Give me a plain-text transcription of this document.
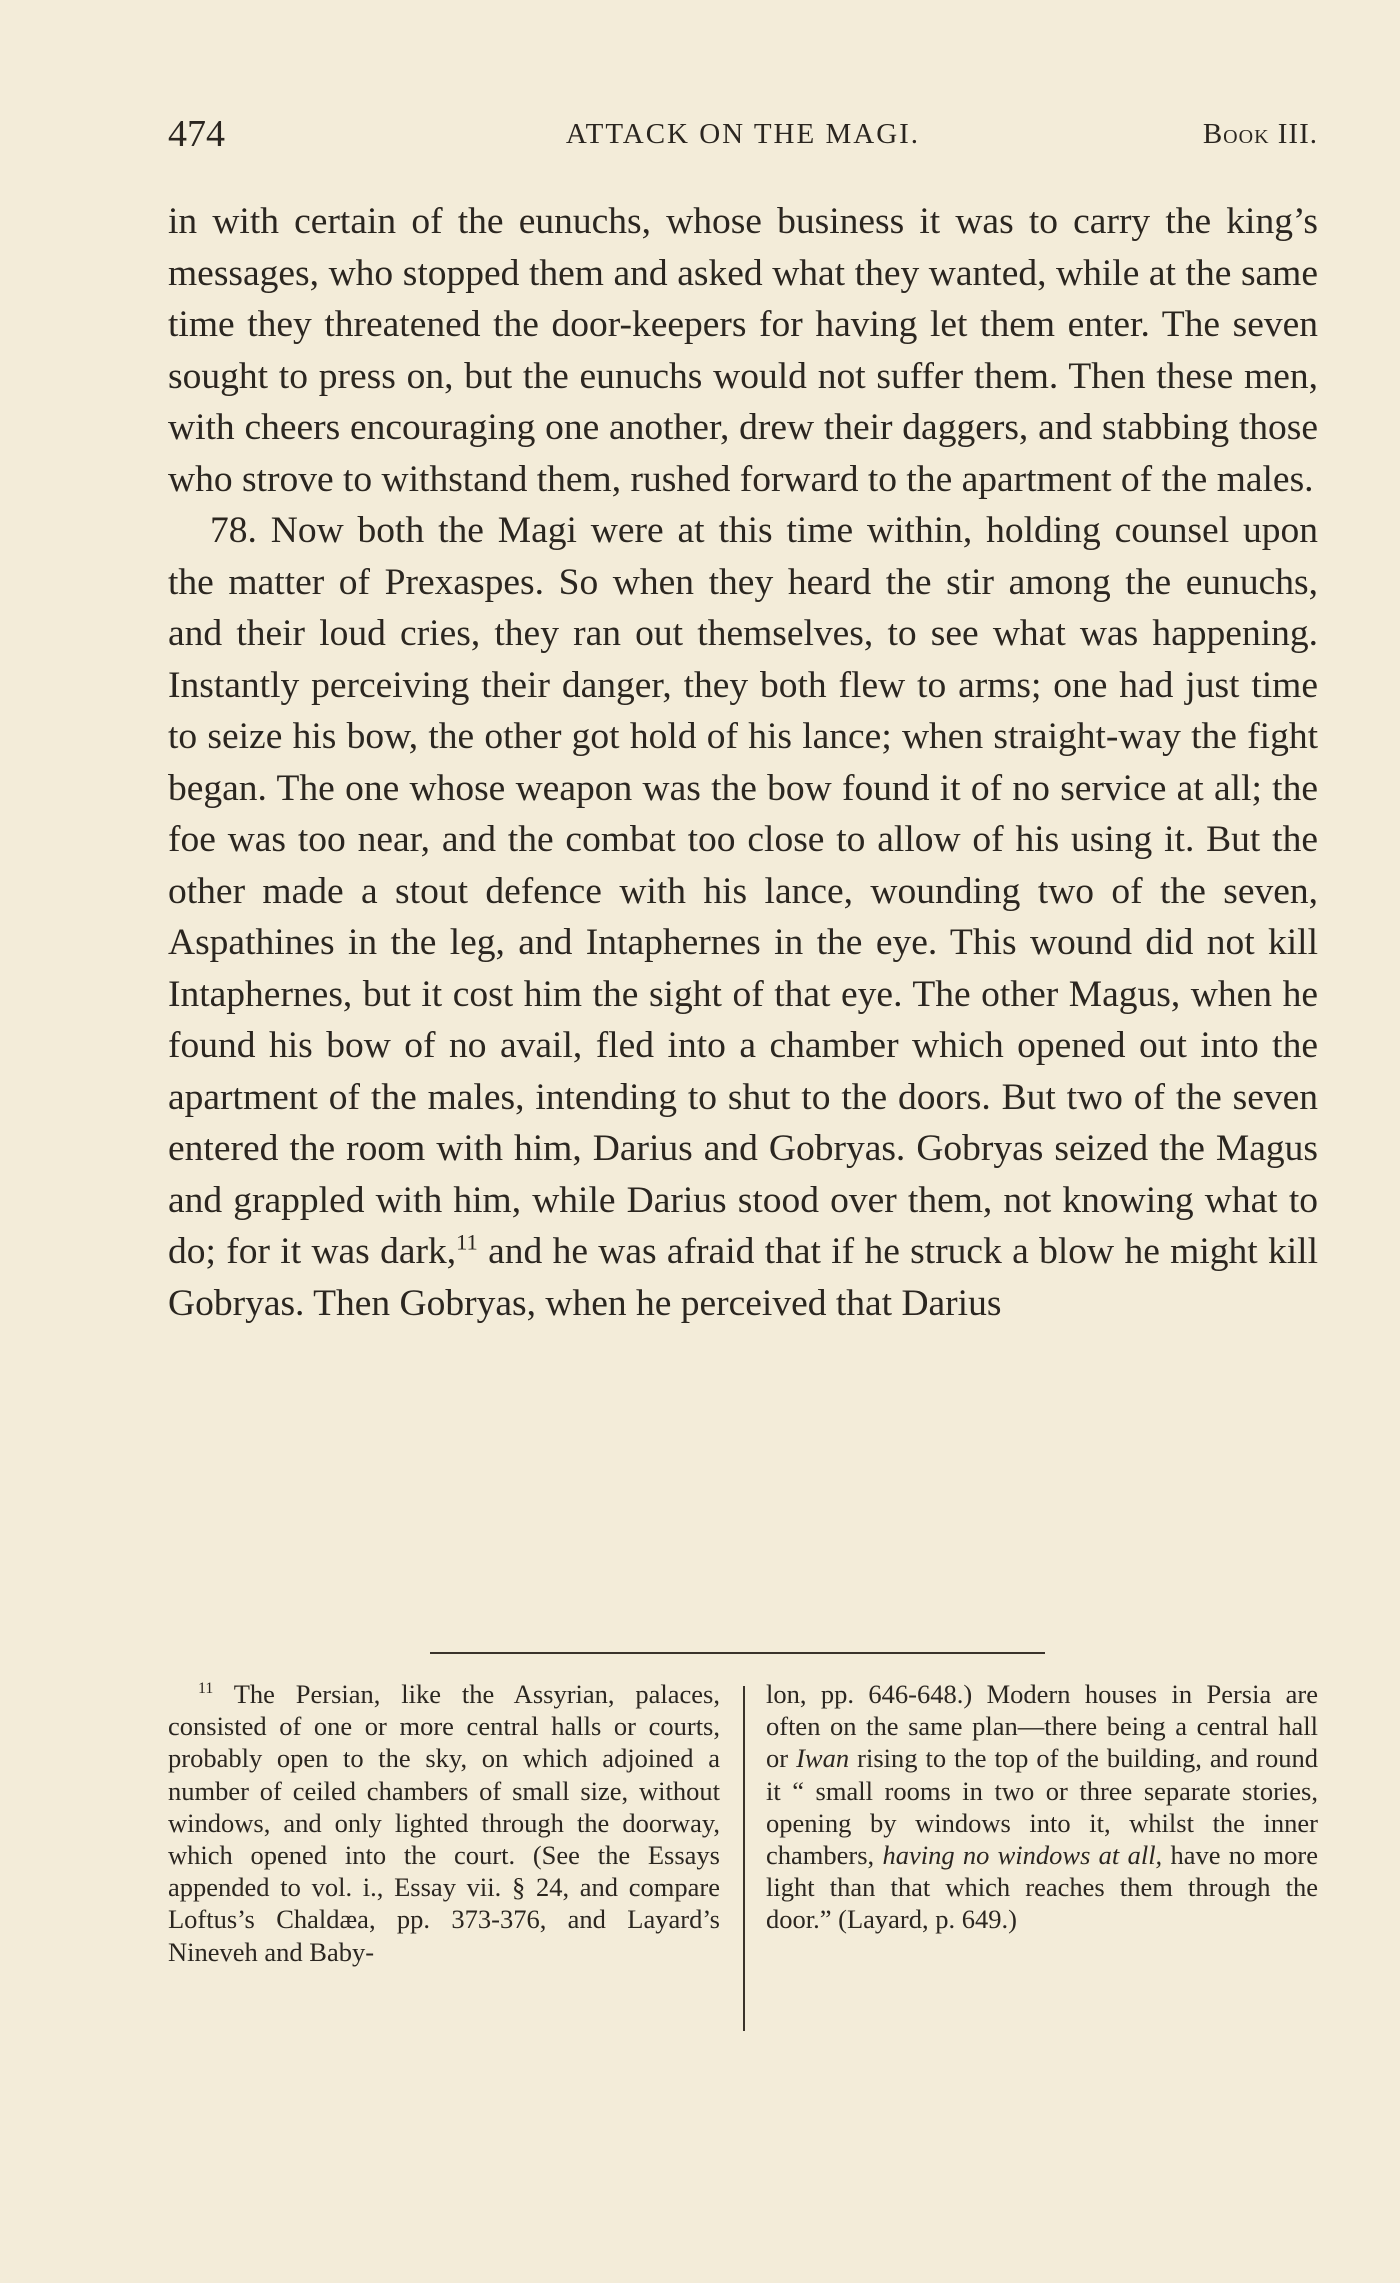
474	ATTACK ON THE MAGI.	Book III.

in with certain of the eunuchs, whose business it was to carry the king’s messages, who stopped them and asked what they wanted, while at the same time they threatened the door-keepers for having let them enter. The seven sought to press on, but the eunuchs would not suffer them. Then these men, with cheers encouraging one another, drew their daggers, and stabbing those who strove to withstand them, rushed forward to the apartment of the males.

78. Now both the Magi were at this time within, holding counsel upon the matter of Prexaspes. So when they heard the stir among the eunuchs, and their loud cries, they ran out themselves, to see what was happening. Instantly perceiving their danger, they both flew to arms; one had just time to seize his bow, the other got hold of his lance; when straight-way the fight began. The one whose weapon was the bow found it of no service at all; the foe was too near, and the combat too close to allow of his using it. But the other made a stout defence with his lance, wounding two of the seven, Aspathines in the leg, and Intaphernes in the eye. This wound did not kill Intaphernes, but it cost him the sight of that eye. The other Magus, when he found his bow of no avail, fled into a chamber which opened out into the apartment of the males, intending to shut to the doors. But two of the seven entered the room with him, Darius and Gobryas. Gobryas seized the Magus and grappled with him, while Darius stood over them, not knowing what to do; for it was dark,$^{11}$ and he was afraid that if he struck a blow he might kill Gobryas. Then Gobryas, when he perceived that Darius

$^{11}$ The Persian, like the Assyrian, palaces, consisted of one or more central halls or courts, probably open to the sky, on which adjoined a number of ceiled chambers of small size, without windows, and only lighted through the doorway, which opened into the court. (See the Essays appended to vol. i., Essay vii. § 24, and compare Loftus’s Chaldæa, pp. 373-376, and Layard’s Nineveh and Baby-

lon, pp. 646-648.) Modern houses in Persia are often on the same plan—there being a central hall or Iwan rising to the top of the building, and round it “ small rooms in two or three separate stories, opening by windows into it, whilst the inner chambers, having no windows at all, have no more light than that which reaches them through the door.” (Layard, p. 649.)
